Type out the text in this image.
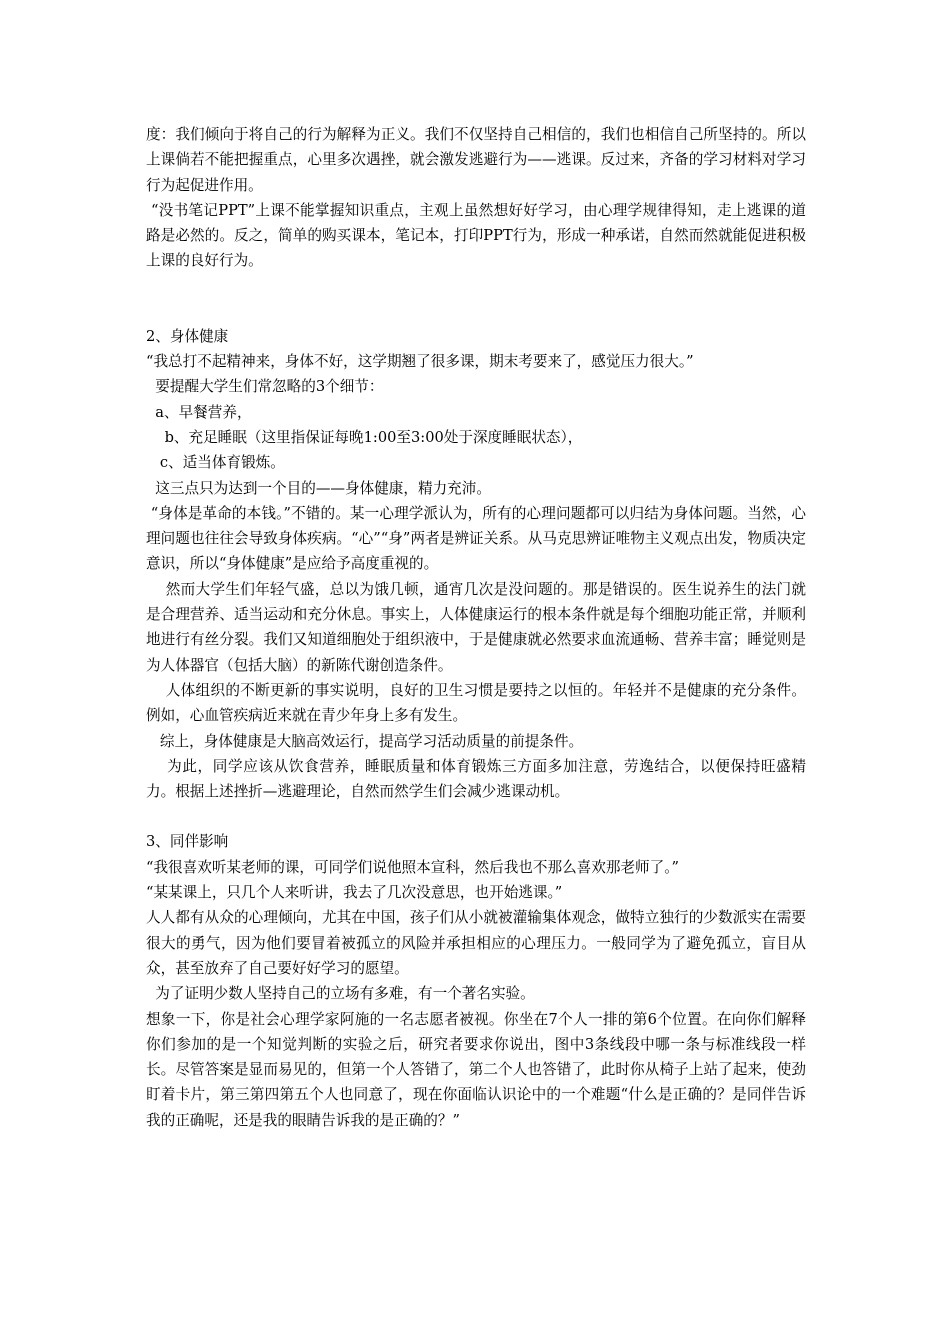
度：我们倾向于将自己的行为解释为正义。我们不仅坚持自己相信的，我们也相信自己所坚持的。所以上课倘若不能把握重点，心里多次遇挫，就会激发逃避行为——逃课。反过来，齐备的学习材料对学习行为起促进作用。

“没书笔记PPT”上课不能掌握知识重点，主观上虽然想好好学习，由心理学规律得知，走上逃课的道路是必然的。反之，简单的购买课本，笔记本，打印PPT行为，形成一种承诺，自然而然就能促进积极上课的良好行为。

2、身体健康

“我总打不起精神来，身体不好，这学期翘了很多课，期末考要来了，感觉压力很大。”

要提醒大学生们常忽略的3个细节：

a、早餐营养，

b、充足睡眠（这里指保证每晚1:00至3:00处于深度睡眠状态），

c、适当体育锻炼。

这三点只为达到一个目的——身体健康，精力充沛。

“身体是革命的本钱。”不错的。某一心理学派认为，所有的心理问题都可以归结为身体问题。当然，心理问题也往往会导致身体疾病。“心”“身”两者是辨证关系。从马克思辨证唯物主义观点出发，物质决定意识，所以“身体健康”是应给予高度重视的。

然而大学生们年轻气盛，总以为饿几顿，通宵几次是没问题的。那是错误的。医生说养生的法门就是合理营养、适当运动和充分休息。事实上，人体健康运行的根本条件就是每个细胞功能正常，并顺利地进行有丝分裂。我们又知道细胞处于组织液中，于是健康就必然要求血流通畅、营养丰富；睡觉则是为人体器官（包括大脑）的新陈代谢创造条件。

人体组织的不断更新的事实说明，良好的卫生习惯是要持之以恒的。年轻并不是健康的充分条件。例如，心血管疾病近来就在青少年身上多有发生。

综上，身体健康是大脑高效运行，提高学习活动质量的前提条件。

为此，同学应该从饮食营养，睡眠质量和体育锻炼三方面多加注意，劳逸结合，以便保持旺盛精力。根据上述挫折—逃避理论，自然而然学生们会减少逃课动机。

3、同伴影响

“我很喜欢听某老师的课，可同学们说他照本宣科，然后我也不那么喜欢那老师了。”

“某某课上，只几个人来听讲，我去了几次没意思，也开始逃课。”

人人都有从众的心理倾向，尤其在中国，孩子们从小就被灌输集体观念，做特立独行的少数派实在需要很大的勇气，因为他们要冒着被孤立的风险并承担相应的心理压力。一般同学为了避免孤立，盲目从众，甚至放弃了自己要好好学习的愿望。

为了证明少数人坚持自己的立场有多难，有一个著名实验。

想象一下，你是社会心理学家阿施的一名志愿者被视。你坐在7个人一排的第6个位置。在向你们解释你们参加的是一个知觉判断的实验之后，研究者要求你说出，图中3条线段中哪一条与标准线段一样长。尽管答案是显而易见的，但第一个人答错了，第二个人也答错了，此时你从椅子上站了起来，使劲盯着卡片，第三第四第五个人也同意了，现在你面临认识论中的一个难题“什么是正确的？是同伴告诉我的正确呢，还是我的眼睛告诉我的是正确的？”
